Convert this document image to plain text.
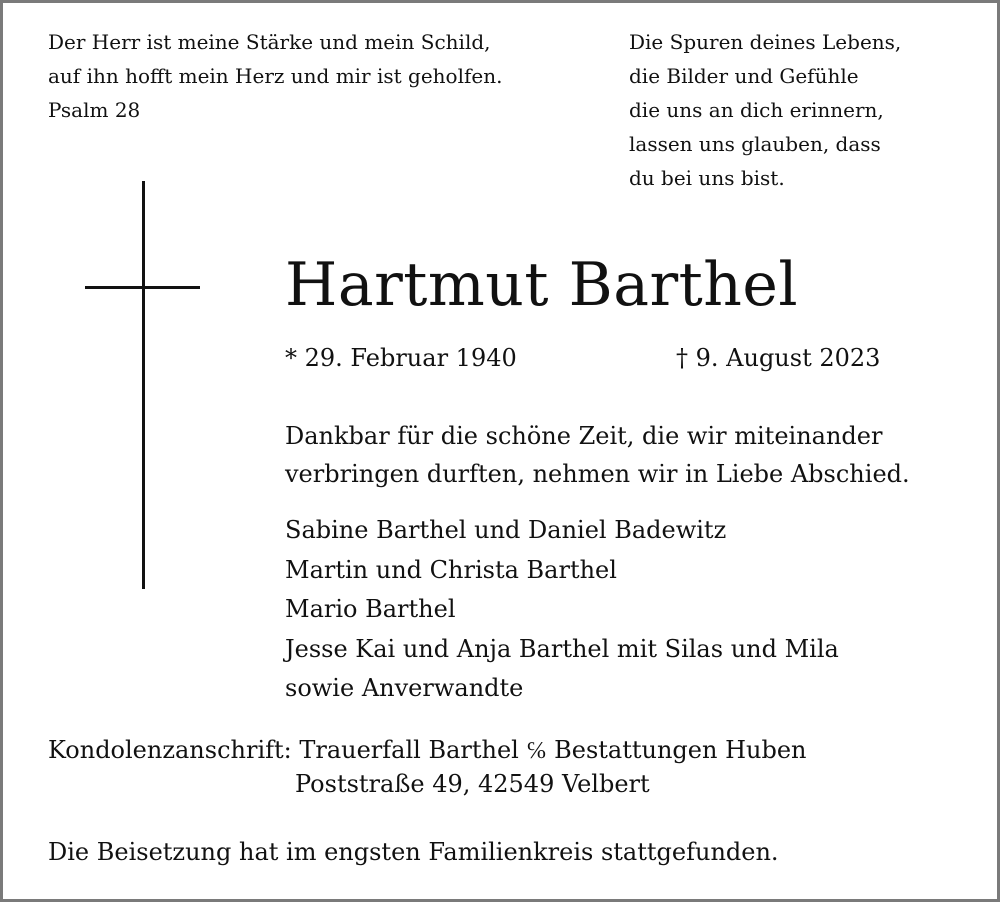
Der Herr ist meine Stärke und mein Schild,
auf ihn hofft mein Herz und mir ist geholfen.
Psalm 28
Die Spuren deines Lebens,
die Bilder und Gefühle
die uns an dich erinnern,
lassen uns glauben, dass
du bei uns bist.
Hartmut Barthel
* 29. Februar 1940	† 9. August 2023
Dankbar für die schöne Zeit, die wir miteinander
verbringen durften, nehmen wir in Liebe Abschied.
Sabine Barthel und Daniel Badewitz
Martin und Christa Barthel
Mario Barthel
Jesse Kai und Anja Barthel mit Silas und Mila
sowie Anverwandte
Kondolenzanschrift: Trauerfall Barthel ℅ Bestattungen Huben
Poststraße 49, 42549 Velbert
Die Beisetzung hat im engsten Familienkreis stattgefunden.
